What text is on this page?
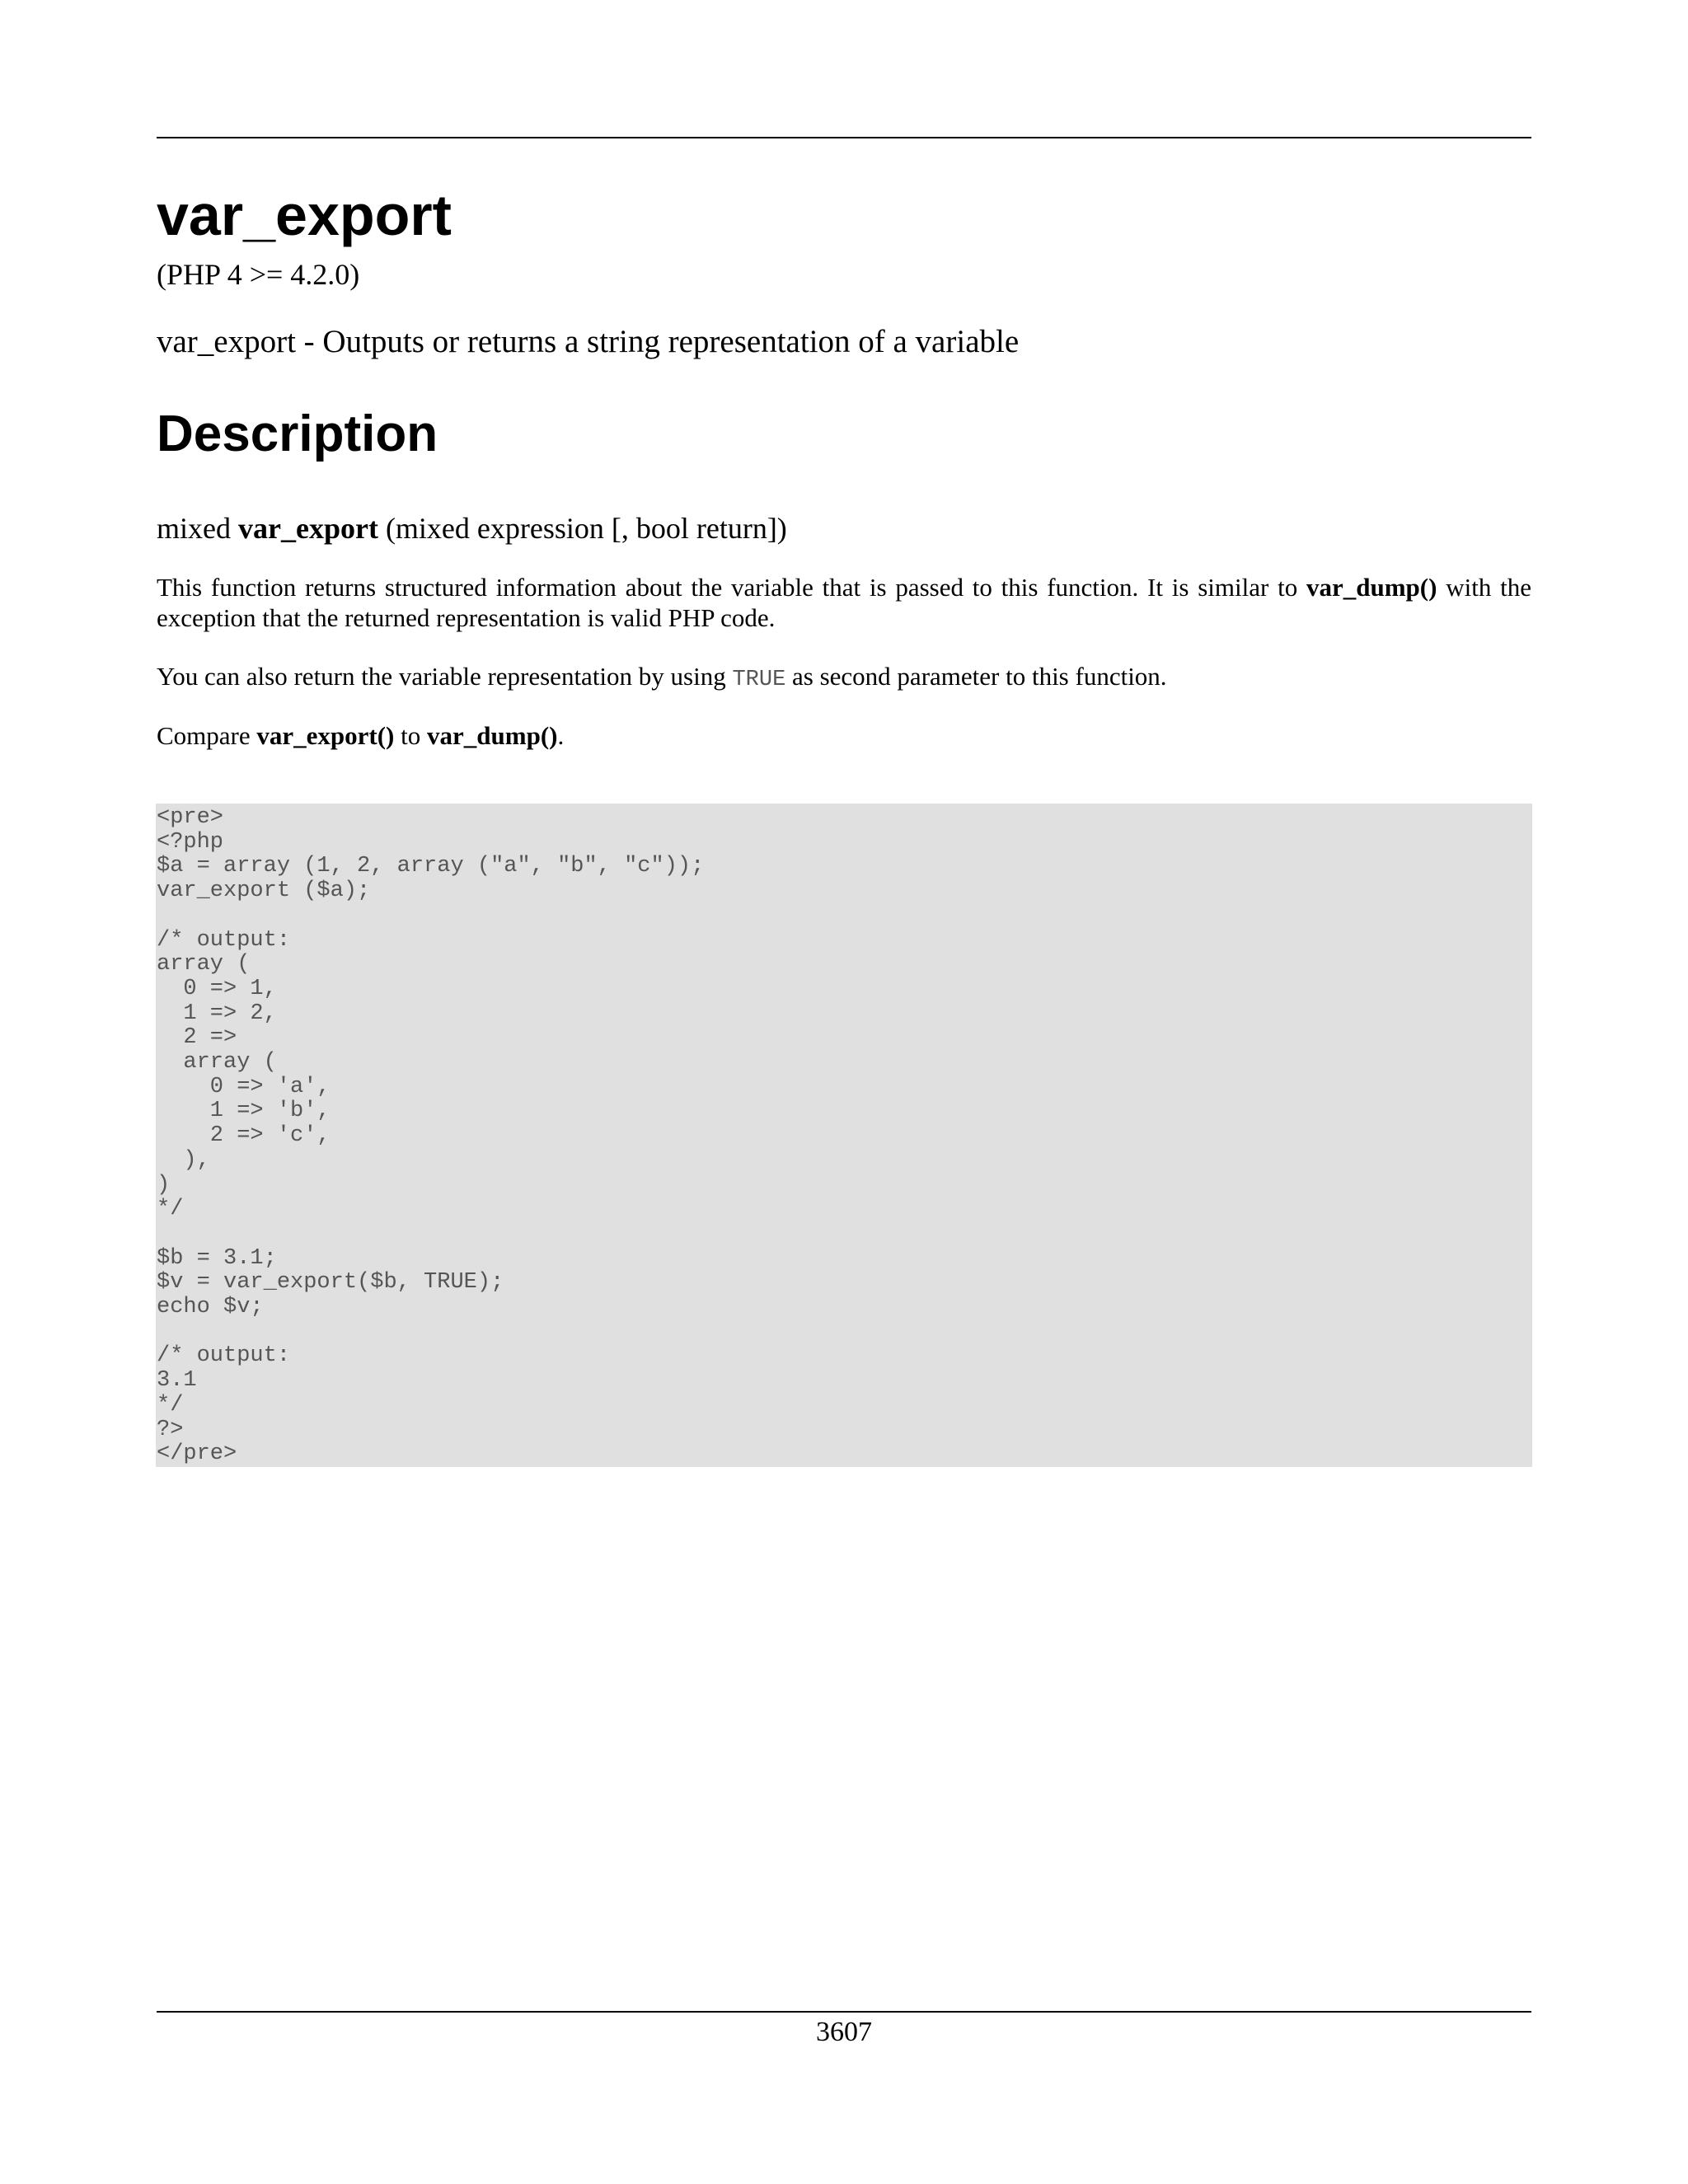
var_export
(PHP 4 >= 4.2.0)
var_export - Outputs or returns a string representation of a variable
Description
mixed var_export (mixed expression [, bool return])
This function returns structured information about the variable that is passed to this function. It is similar to var_dump() with the exception that the returned representation is valid PHP code.
You can also return the variable representation by using TRUE as second parameter to this function.
Compare var_export() to var_dump().
<pre>
<?php
$a = array (1, 2, array ("a", "b", "c"));
var_export ($a);

/* output:
array (
0 => 1,
1 => 2,
2 =>
array (
0 => 'a',
1 => 'b',
2 => 'c',
),
)
*/

$b = 3.1;
$v = var_export($b, TRUE);
echo $v;

/* output:
3.1
*/
?>
</pre>
3607
